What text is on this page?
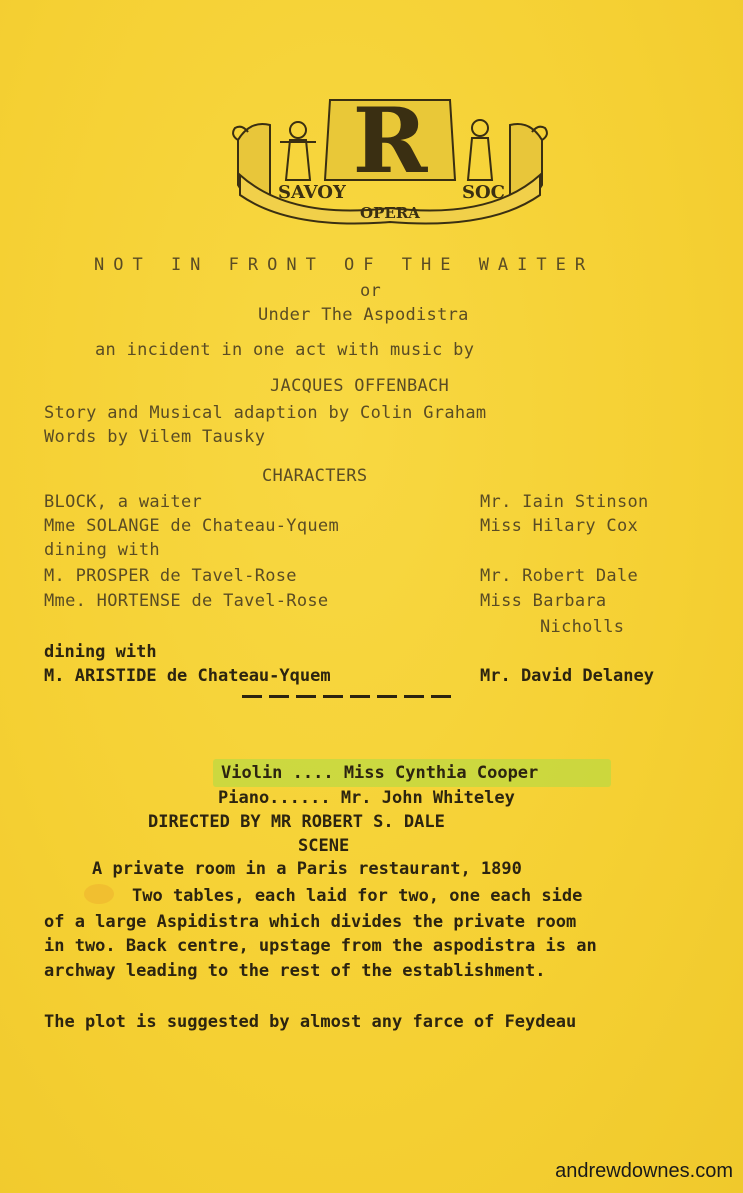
R
SAVOY
OPERA
SOC
NOT IN FRONT OF THE WAITER
or
Under The Aspodistra
an incident in one act with music by
JACQUES OFFENBACH
Story and Musical adaption by Colin Graham
Words by Vilem Tausky
CHARACTERS
BLOCK, a waiter	Mr. Iain Stinson
Mme SOLANGE de Chateau-Yquem	Miss Hilary Cox
dining with
M. PROSPER de Tavel-Rose	Mr. Robert Dale
Mme. HORTENSE de Tavel-Rose	Miss Barbara
Nicholls
dining with
M. ARISTIDE de Chateau-Yquem	Mr. David Delaney
Violin .... Miss Cynthia Cooper
Piano...... Mr. John Whiteley
DIRECTED BY MR ROBERT S. DALE
SCENE
A private room in a Paris restaurant, 1890
Two tables, each laid for two, one each side
of a large Aspidistra which divides the private room
in two. Back centre, upstage from the aspodistra is an
archway leading to the rest of the establishment.
The plot is suggested by almost any farce of Feydeau
andrewdownes.com
